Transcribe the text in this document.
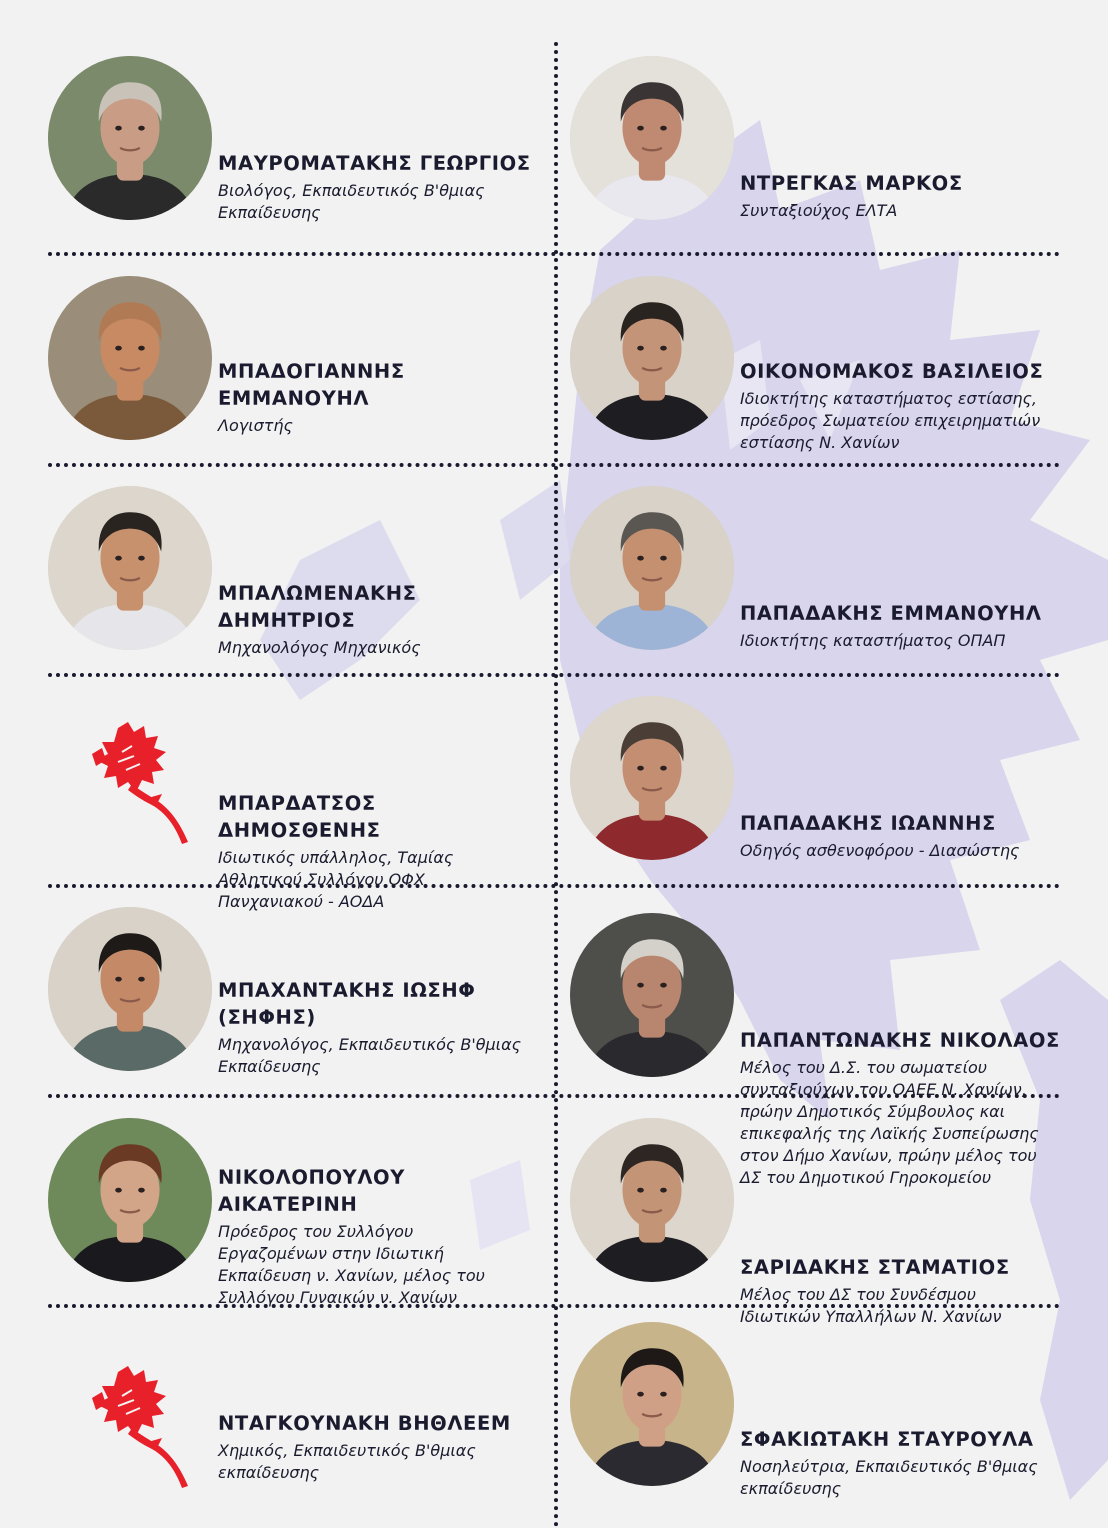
ΜΑΥΡΟΜΑΤΑΚΗΣ ΓΕΩΡΓΙΟΣ
Βιολόγος, Εκπαιδευτικός Β'θμιας
Εκπαίδευσης
ΝΤΡΕΓΚΑΣ ΜΑΡΚΟΣ
Συνταξιούχος ΕΛΤΑ
ΜΠΑΔΟΓΙΑΝΝΗΣ
ΕΜΜΑΝΟΥΗΛ
Λογιστής
ΟΙΚΟΝΟΜΑΚΟΣ ΒΑΣΙΛΕΙΟΣ
Ιδιοκτήτης καταστήματος εστίασης,
πρόεδρος Σωματείου επιχειρηματιών
εστίασης Ν. Χανίων
ΜΠΑΛΩΜΕΝΑΚΗΣ
ΔΗΜΗΤΡΙΟΣ
Μηχανολόγος Μηχανικός
ΠΑΠΑΔΑΚΗΣ ΕΜΜΑΝΟΥΗΛ
Ιδιοκτήτης καταστήματος ΟΠΑΠ
ΜΠΑΡΔΑΤΣΟΣ
ΔΗΜΟΣΘΕΝΗΣ
Ιδιωτικός υπάλληλος, Ταμίας
Αθλητικού Συλλόγου ΟΦΧ
Πανχανιακού - ΑΟΔΑ
ΠΑΠΑΔΑΚΗΣ ΙΩΑΝΝΗΣ
Οδηγός ασθενοφόρου - Διασώστης
ΜΠΑΧΑΝΤΑΚΗΣ ΙΩΣΗΦ
(ΣΗΦΗΣ)
Μηχανολόγος, Εκπαιδευτικός Β'θμιας
Εκπαίδευσης
ΠΑΠΑΝΤΩΝΑΚΗΣ ΝΙΚΟΛΑΟΣ
Μέλος του Δ.Σ. του σωματείου
συνταξιούχων του ΟΑΕΕ Ν. Χανίων,
πρώην Δημοτικός Σύμβουλος και
επικεφαλής της Λαϊκής Συσπείρωσης
στον Δήμο Χανίων, πρώην μέλος του
ΔΣ του Δημοτικού Γηροκομείου
ΝΙΚΟΛΟΠΟΥΛΟΥ
ΑΙΚΑΤΕΡΙΝΗ
Πρόεδρος του Συλλόγου
Εργαζομένων στην Ιδιωτική
Εκπαίδευση ν. Χανίων, μέλος του
Συλλόγου Γυναικών ν. Χανίων
ΣΑΡΙΔΑΚΗΣ ΣΤΑΜΑΤΙΟΣ
Μέλος του ΔΣ του Συνδέσμου
Ιδιωτικών Υπαλλήλων Ν. Χανίων
ΝΤΑΓΚΟΥΝΑΚΗ ΒΗΘΛΕΕΜ
Χημικός, Εκπαιδευτικός Β'θμιας
εκπαίδευσης
ΣΦΑΚΙΩΤΑΚΗ ΣΤΑΥΡΟΥΛΑ
Νοσηλεύτρια, Εκπαιδευτικός Β'θμιας
εκπαίδευσης
